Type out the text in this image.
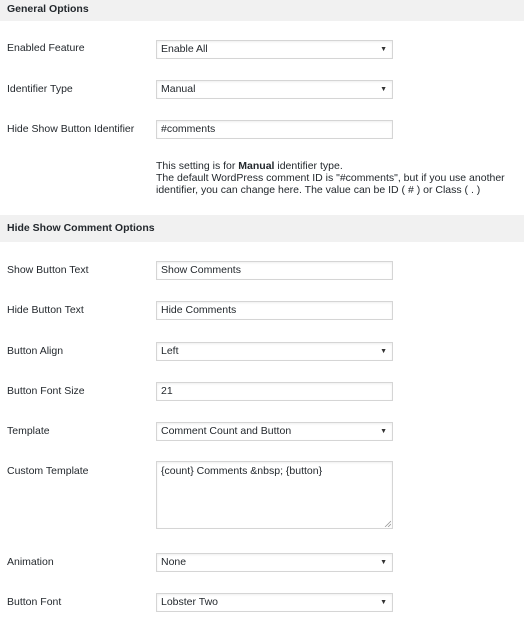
General Options
Enabled Feature	Enable All	▼
Identifier Type	Manual	▼
Hide Show Button Identifier	#comments
This setting is for Manual identifier type.
The default WordPress comment ID is "#comments", but if you use another
identifier, you can change here. The value can be ID ( # ) or Class ( . )
Hide Show Comment Options
Show Button Text	Show Comments
Hide Button Text	Hide Comments
Button Align	Left	▼
Button Font Size	21
Template	Comment Count and Button	▼
Custom Template	{count} Comments &nbsp; {button}
Animation	None	▼
Button Font	Lobster Two	▼
